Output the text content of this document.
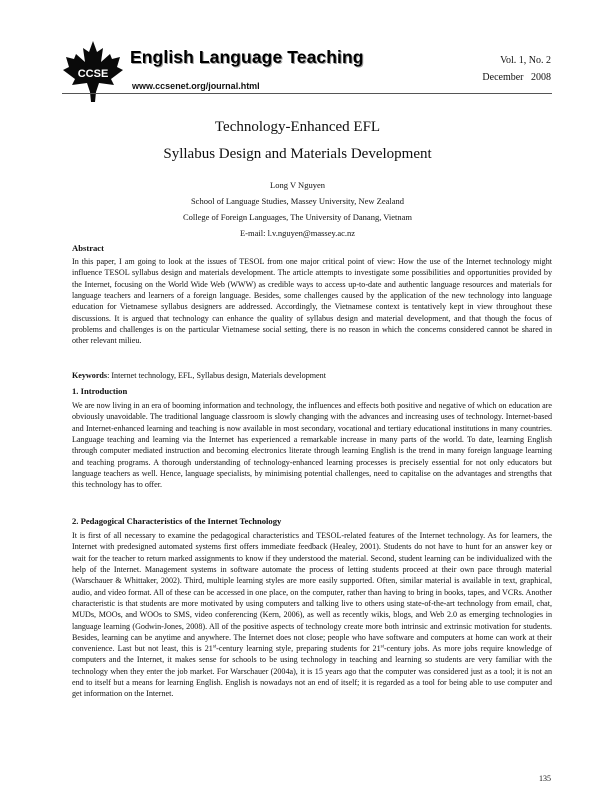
CCSE
English Language Teaching
www.ccsenet.org/journal.html
Vol. 1, No. 2
December   2008
Technology-Enhanced EFL
Syllabus Design and Materials Development
Long V Nguyen
School of Language Studies, Massey University, New Zealand
College of Foreign Languages, The University of Danang, Vietnam
E-mail: l.v.nguyen@massey.ac.nz
Abstract
In this paper, I am going to look at the issues of TESOL from one major critical point of view: How the use of the Internet technology might influence TESOL syllabus design and materials development. The article attempts to investigate some possibilities and opportunities provided by the Internet, focusing on the World Wide Web (WWW) as credible ways to access up-to-date and authentic language resources and materials for language teachers and learners of a foreign language. Besides, some challenges caused by the application of the new technology into language education for Vietnamese syllabus designers are addressed. Accordingly, the Vietnamese context is tentatively kept in view throughout these discussions. It is argued that technology can enhance the quality of syllabus design and material development, and that though the focus of problems and challenges is on the particular Vietnamese social setting, there is no reason in which the concerns considered cannot be shared in other relevant milieu.
Keywords: Internet technology, EFL, Syllabus design, Materials development
1. Introduction
We are now living in an era of booming information and technology, the influences and effects both positive and negative of which on education are obviously unavoidable. The traditional language classroom is slowly changing with the advances and increasing uses of technology. Internet-based and Internet-enhanced learning and teaching is now available in most secondary, vocational and tertiary educational institutions in many countries. Language teaching and learning via the Internet has experienced a remarkable increase in many parts of the world. To date, learning English through computer mediated instruction and becoming electronics literate through learning English is the trend in many foreign language learning and teaching programs. A thorough understanding of technology-enhanced learning processes is precisely essential for not only educators but language teachers as well. Hence, language specialists, by minimising potential challenges, need to capitalise on the advantages and strengths that this technology has to offer.
2. Pedagogical Characteristics of the Internet Technology
It is first of all necessary to examine the pedagogical characteristics and TESOL-related features of the Internet technology. As for learners, the Internet with predesigned automated systems first offers immediate feedback (Healey, 2001). Students do not have to hunt for an answer key or wait for the teacher to return marked assignments to know if they understood the material. Second, student learning can be individualized with the help of the Internet. Management systems in software automate the process of letting students proceed at their own pace through material (Warschauer & Whittaker, 2002). Third, multiple learning styles are more easily supported. Often, similar material is available in text, graphical, audio, and video format. All of these can be accessed in one place, on the computer, rather than having to bring in books, tapes, and VCRs. Another characteristic is that students are more motivated by using computers and talking live to others using state-of-the-art technology from email, chat, MUDs, MOOs, and WOOs to SMS, video conferencing (Kern, 2006), as well as recently wikis, blogs, and Web 2.0 as emerging technologies in language learning (Godwin-Jones, 2008). All of the positive aspects of technology create more both intrinsic and extrinsic motivation for students. Besides, learning can be anytime and anywhere. The Internet does not close; people who have software and computers at home can work at their convenience. Last but not least, this is 21st-century learning style, preparing students for 21st-century jobs. As more jobs require knowledge of computers and the Internet, it makes sense for schools to be using technology in teaching and learning so students are very familiar with the technology when they enter the job market. For Warschauer (2004a), it is 15 years ago that the computer was considered just as a tool; it is not an end to itself but a means for learning English. English is nowadays not an end of itself; it is regarded as a tool for being able to use computer and get information on the Internet.
135
